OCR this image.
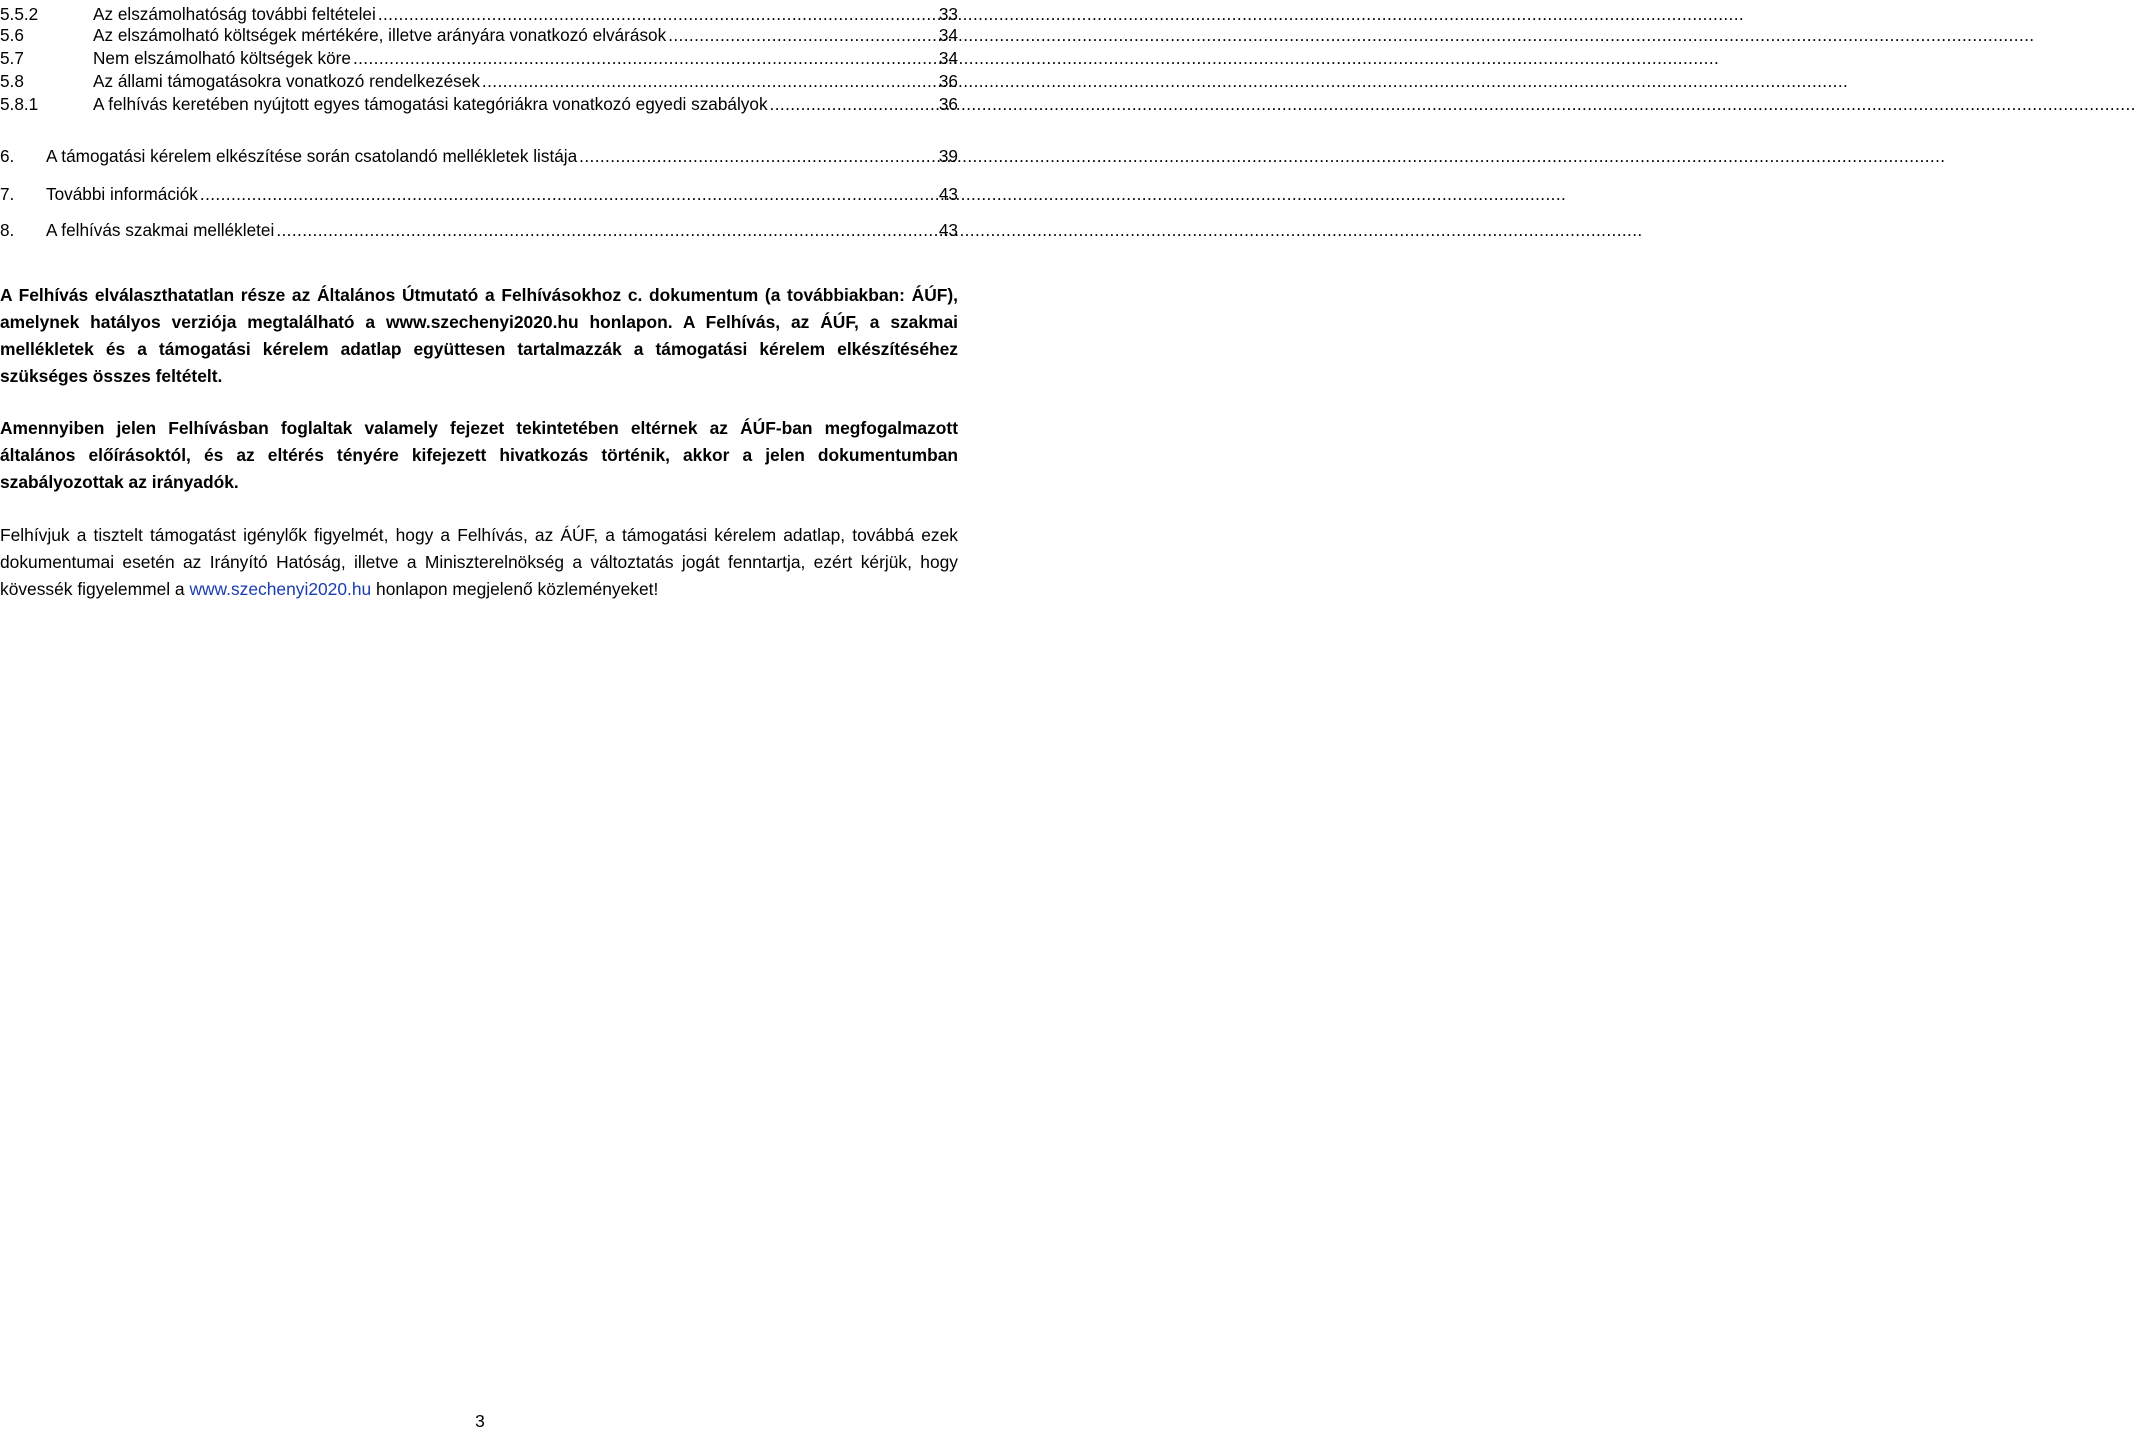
5.5.2	Az elszámolhatóság további feltételei .....	33
5.6	Az elszámolható költségek mértékére, illetve arányára vonatkozó elvárások .....	34
5.7	Nem elszámolható költségek köre .....	34
5.8	Az állami támogatásokra vonatkozó rendelkezések .....	36
5.8.1	A felhívás keretében nyújtott egyes támogatási kategóriákra vonatkozó egyedi szabályok .....	36
6.	A támogatási kérelem elkészítése során csatolandó mellékletek listája .....	39
7.	További információk .....	43
8.	A felhívás szakmai mellékletei .....	43

A Felhívás elválaszthatatlan része az Általános Útmutató a Felhívásokhoz c. dokumentum (a továbbiakban: ÁÚF), amelynek hatályos verziója megtalálható a www.szechenyi2020.hu honlapon. A Felhívás, az ÁÚF, a szakmai mellékletek és a támogatási kérelem adatlap együttesen tartalmazzák a támogatási kérelem elkészítéséhez szükséges összes feltételt.

Amennyiben jelen Felhívásban foglaltak valamely fejezet tekintetében eltérnek az ÁÚF-ban megfogalmazott általános előírásoktól, és az eltérés tényére kifejezett hivatkozás történik, akkor a jelen dokumentumban szabályozottak az irányadók.

Felhívjuk a tisztelt támogatást igénylők figyelmét, hogy a Felhívás, az ÁÚF, a támogatási kérelem adatlap, továbbá ezek dokumentumai esetén az Irányító Hatóság, illetve a Miniszterelnökség a változtatás jogát fenntartja, ezért kérjük, hogy kövessék figyelemmel a www.szechenyi2020.hu honlapon megjelenő közleményeket!

3
